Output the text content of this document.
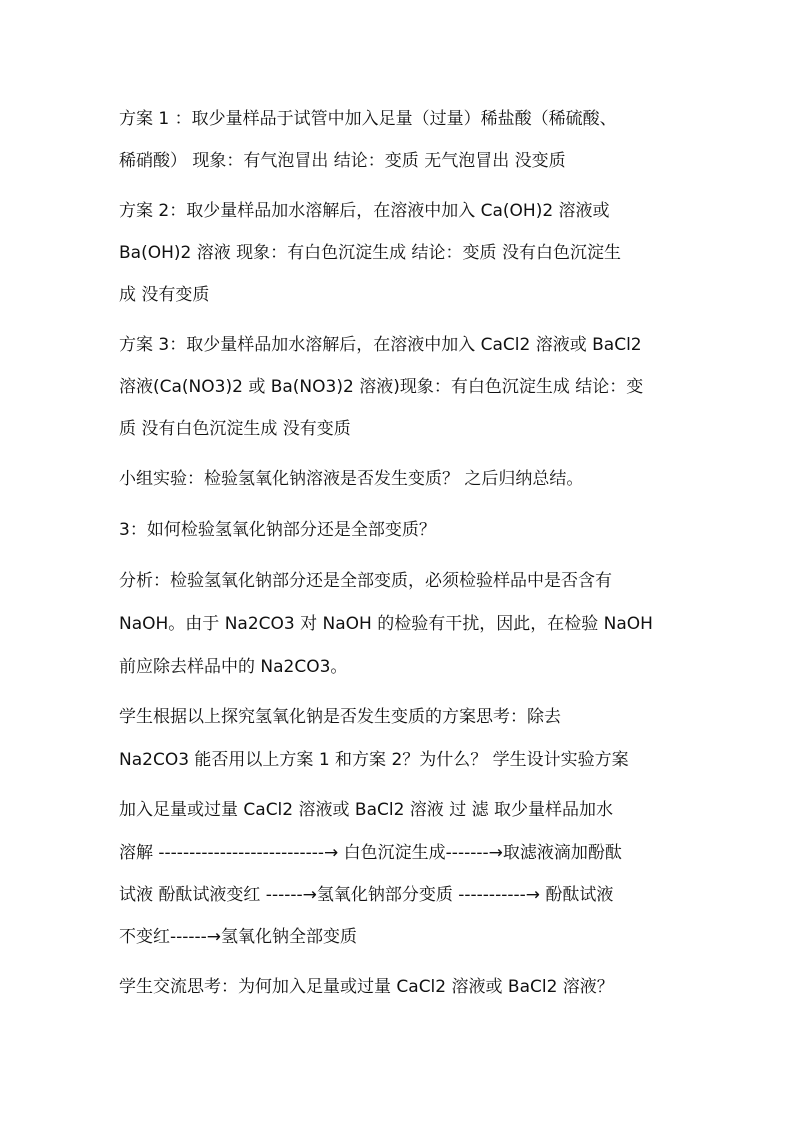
方案 1 ：取少量样品于试管中加入足量（过量）稀盐酸（稀硫酸、
稀硝酸） 现象：有气泡冒出 结论：变质 无气泡冒出 没变质
方案 2：取少量样品加水溶解后，在溶液中加入 Ca(OH)2 溶液或
Ba(OH)2 溶液 现象：有白色沉淀生成 结论：变质 没有白色沉淀生
成 没有变质
方案 3：取少量样品加水溶解后，在溶液中加入 CaCl2 溶液或 BaCl2
溶液(Ca(NO3)2 或 Ba(NO3)2 溶液)现象：有白色沉淀生成 结论：变
质 没有白色沉淀生成 没有变质
小组实验：检验氢氧化钠溶液是否发生变质？ 之后归纳总结。
3：如何检验氢氧化钠部分还是全部变质？
分析：检验氢氧化钠部分还是全部变质，必须检验样品中是否含有
NaOH。由于 Na2CO3 对 NaOH 的检验有干扰，因此，在检验 NaOH
前应除去样品中的 Na2CO3。
学生根据以上探究氢氧化钠是否发生变质的方案思考：除去
Na2CO3 能否用以上方案 1 和方案 2？为什么？ 学生设计实验方案
加入足量或过量 CaCl2 溶液或 BaCl2 溶液 过 滤 取少量样品加水
溶解 ---------------------------→ 白色沉淀生成-------→取滤液滴加酚酞
试液 酚酞试液变红 ------→氢氧化钠部分变质 -----------→ 酚酞试液
不变红------→氢氧化钠全部变质
学生交流思考：为何加入足量或过量 CaCl2 溶液或 BaCl2 溶液？
